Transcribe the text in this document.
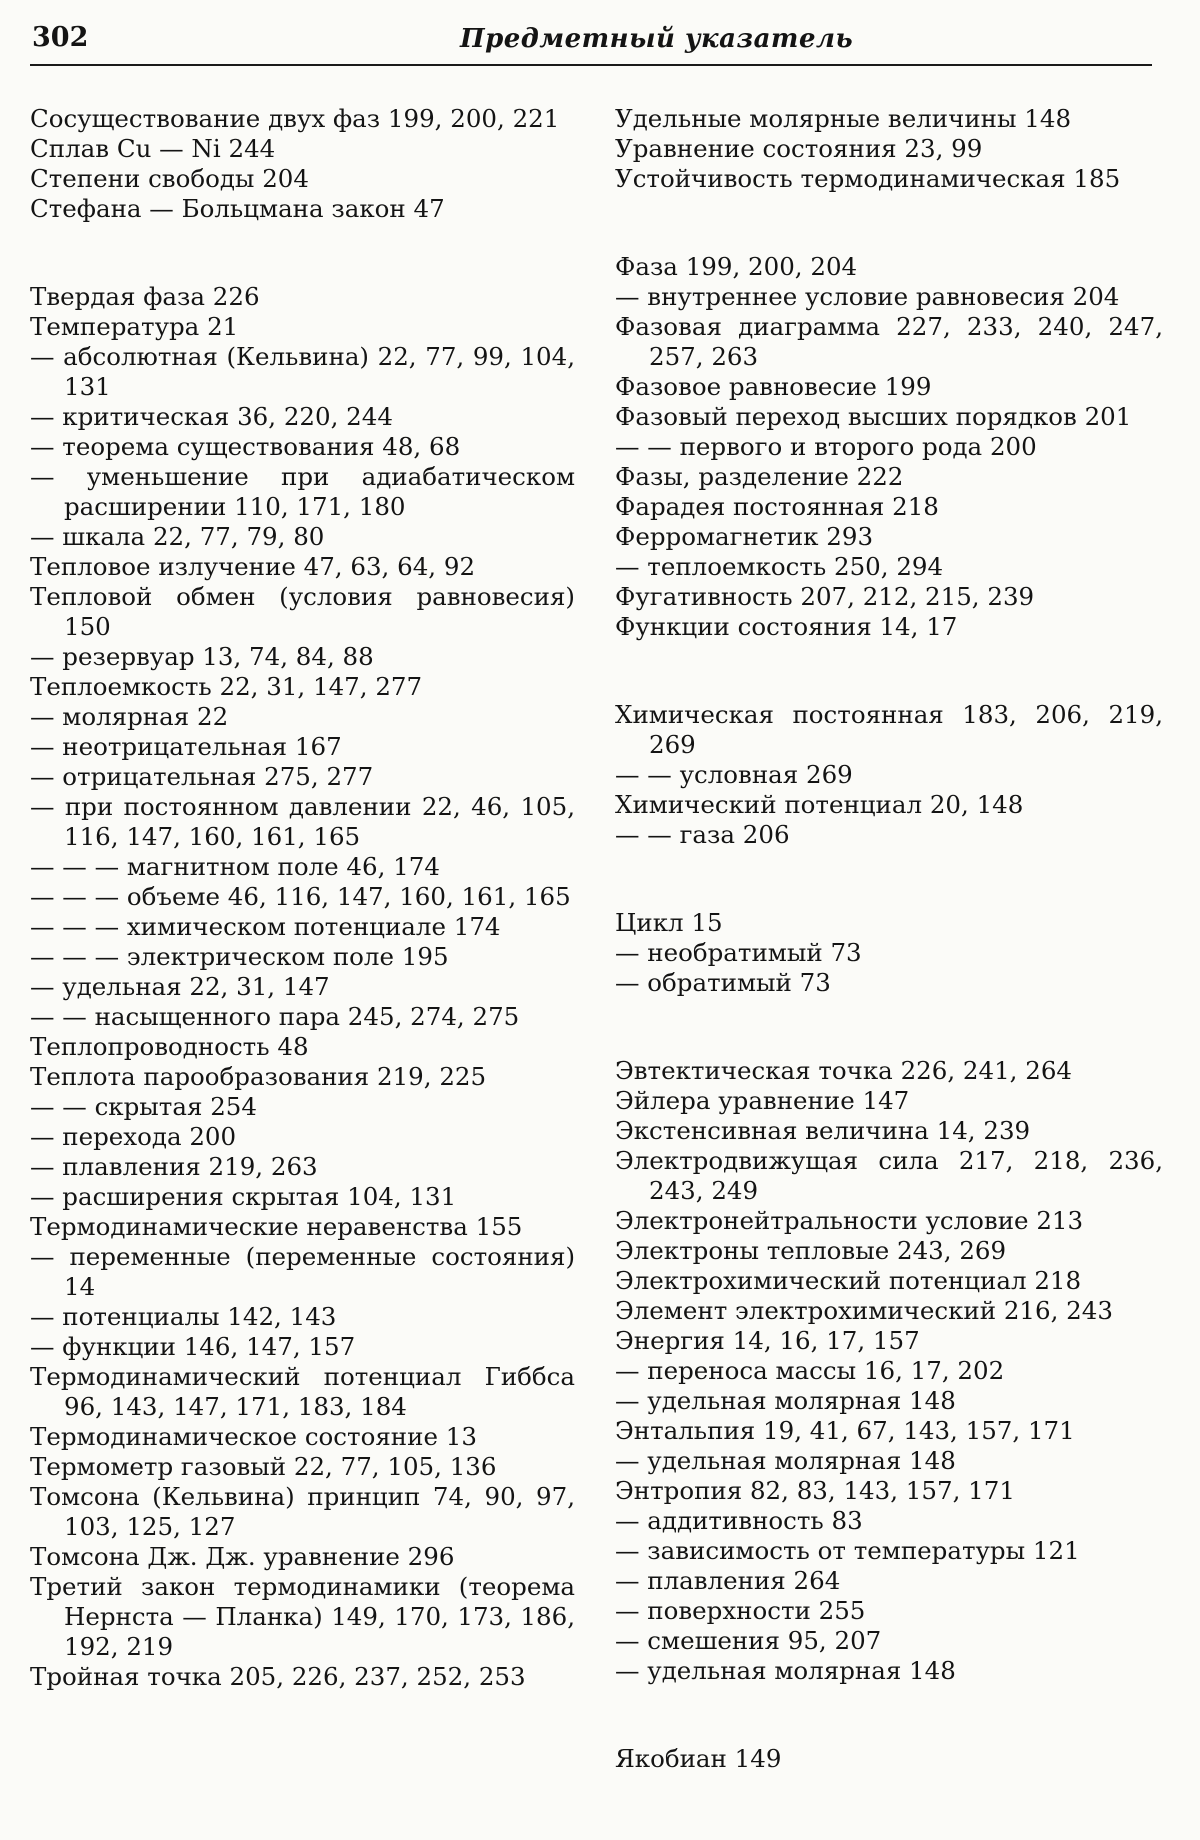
302	Предметный указатель
Сосуществование двух фаз 199, 200, 221
Сплав Cu — Ni 244
Степени свободы 204
Стефана — Больцмана закон 47
Твердая фаза 226
Температура 21
— абсолютная (Кельвина) 22, 77, 99, 104, 131
— критическая 36, 220, 244
— теорема существования 48, 68
— уменьшение при адиабатическом расширении 110, 171, 180
— шкала 22, 77, 79, 80
Тепловое излучение 47, 63, 64, 92
Тепловой обмен (условия равновесия) 150
— резервуар 13, 74, 84, 88
Теплоемкость 22, 31, 147, 277
— молярная 22
— неотрицательная 167
— отрицательная 275, 277
— при постоянном давлении 22, 46, 105, 116, 147, 160, 161, 165
— — — магнитном поле 46, 174
— — — объеме 46, 116, 147, 160, 161, 165
— — — химическом потенциале 174
— — — электрическом поле 195
— удельная 22, 31, 147
— — насыщенного пара 245, 274, 275
Теплопроводность 48
Теплота парообразования 219, 225
— — скрытая 254
— перехода 200
— плавления 219, 263
— расширения скрытая 104, 131
Термодинамические неравенства 155
— переменные (переменные состояния) 14
— потенциалы 142, 143
— функции 146, 147, 157
Термодинамический потенциал Гиббса 96, 143, 147, 171, 183, 184
Термодинамическое состояние 13
Термометр газовый 22, 77, 105, 136
Томсона (Кельвина) принцип 74, 90, 97, 103, 125, 127
Томсона Дж. Дж. уравнение 296
Третий закон термодинамики (теорема Нернста — Планка) 149, 170, 173, 186, 192, 219
Тройная точка 205, 226, 237, 252, 253
Удельные молярные величины 148
Уравнение состояния 23, 99
Устойчивость термодинамическая 185
Фаза 199, 200, 204
— внутреннее условие равновесия 204
Фазовая диаграмма 227, 233, 240, 247, 257, 263
Фазовое равновесие 199
Фазовый переход высших порядков 201
— — первого и второго рода 200
Фазы, разделение 222
Фарадея постоянная 218
Ферромагнетик 293
— теплоемкость 250, 294
Фугативность 207, 212, 215, 239
Функции состояния 14, 17
Химическая постоянная 183, 206, 219, 269
— — условная 269
Химический потенциал 20, 148
— — газа 206
Цикл 15
— необратимый 73
— обратимый 73
Эвтектическая точка 226, 241, 264
Эйлера уравнение 147
Экстенсивная величина 14, 239
Электродвижущая сила 217, 218, 236, 243, 249
Электронейтральности условие 213
Электроны тепловые 243, 269
Электрохимический потенциал 218
Элемент электрохимический 216, 243
Энергия 14, 16, 17, 157
— переноса массы 16, 17, 202
— удельная молярная 148
Энтальпия 19, 41, 67, 143, 157, 171
— удельная молярная 148
Энтропия 82, 83, 143, 157, 171
— аддитивность 83
— зависимость от температуры 121
— плавления 264
— поверхности 255
— смешения 95, 207
— удельная молярная 148
Якобиан 149
